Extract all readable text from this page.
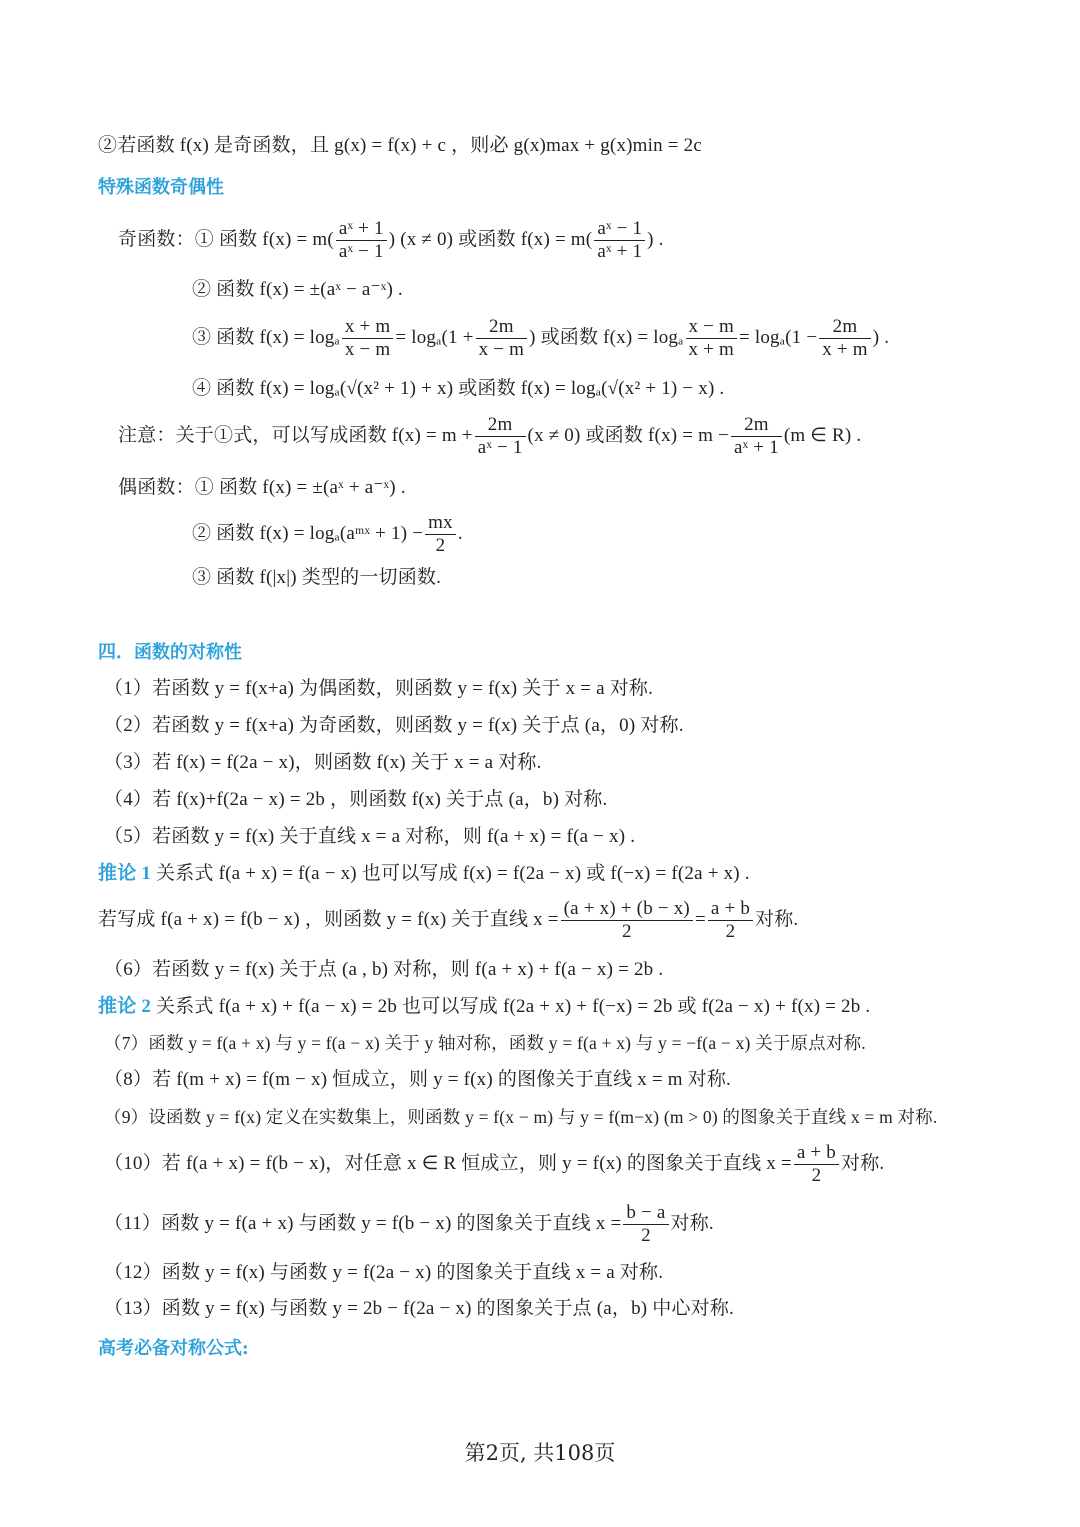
②若函数 f(x) 是奇函数，且 g(x) = f(x) + c ，则必 g(x)max + g(x)min = 2c
特殊函数奇偶性
奇函数：① 函数 $f(x) = m( \frac{\text{aˣ + 1}}{\text{aˣ − 1}}$ ) (x ≠ 0) 或函数 $f(x) = m( \frac{\text{aˣ − 1}}{\text{aˣ + 1}}$ ) .
② 函数 f(x) = ±(aˣ − a⁻ˣ) .
③ 函数 f(x) = logₐ $\frac{x + m}{x - m} = \log_a(1 + \frac{2m}{x - m}$ ) 或函数 f(x) = logₐ $\frac{x - m}{x + m} = \log_a(1 - \frac{2m}{x + m}$ ) .
④ 函数 f(x) = logₐ(√(x² + 1) + x) 或函数 f(x) = logₐ(√(x² + 1) − x) .
注意：关于①式，可以写成函数 $f(x) = m + \frac{2m}{\text{aˣ − 1}} (x \ne 0)$ 或函数 $f(x) = m - \frac{2m}{\text{aˣ + 1}} (m$ ∈ R) .
偶函数：① 函数 f(x) = ±(aˣ + a⁻ˣ) .
② 函数 f(x) = logₐ(aᵐˣ + $1) - \frac{mx}{2}$ .
③ 函数 f(|x|) 类型的一切函数.
四．函数的对称性
（1）若函数 y = f(x+a) 为偶函数，则函数 y = f(x) 关于 x = a 对称.
（2）若函数 y = f(x+a) 为奇函数，则函数 y = f(x) 关于点 (a，0) 对称.
（3）若 f(x) = f(2a − x)，则函数 f(x) 关于 x = a 对称.
（4）若 f(x)+f(2a − x) = 2b ，则函数 f(x) 关于点 (a，b) 对称.
（5）若函数 y = f(x) 关于直线 x = a 对称，则 f(a + x) = f(a − x) .
推论 1 关系式 f(a + x) = f(a − x) 也可以写成 f(x) = f(2a − x) 或 f(−x) = f(2a + x) .
若写成 f(a + x) = f(b − x) ，则函数 y = f(x) 关于直线 $x = \frac{(a + x) + (b - x)}{2} = \frac{a + b}{2}$ 对称.
（6）若函数 y = f(x) 关于点 (a , b) 对称，则 f(a + x) + f(a − x) = 2b .
推论 2 关系式 f(a + x) + f(a − x) = 2b 也可以写成 f(2a + x) + f(−x) = 2b 或 f(2a − x) + f(x) = 2b .
（7）函数 y = f(a + x) 与 y = f(a − x) 关于 y 轴对称，函数 y = f(a + x) 与 y = −f(a − x) 关于原点对称.
（8）若 f(m + x) = f(m − x) 恒成立，则 y = f(x) 的图像关于直线 x = m 对称.
（9）设函数 y = f(x) 定义在实数集上，则函数 y = f(x − m) 与 y = f(m−x) (m > 0) 的图象关于直线 x = m 对称.
（10）若 f(a + x) = f(b − x)，对任意 x ∈ R 恒成立，则 y = f(x) 的图象关于直线 $x = \frac{a + b}{2}$ 对称.
（11）函数 y = f(a + x) 与函数 y = f(b − x) 的图象关于直线 $x = \frac{b - a}{2}$ 对称.
（12）函数 y = f(x) 与函数 y = f(2a − x) 的图象关于直线 x = a 对称.
（13）函数 y = f(x) 与函数 y = 2b − f(2a − x) 的图象关于点 (a，b) 中心对称.
高考必备对称公式:
第2页, 共108页
